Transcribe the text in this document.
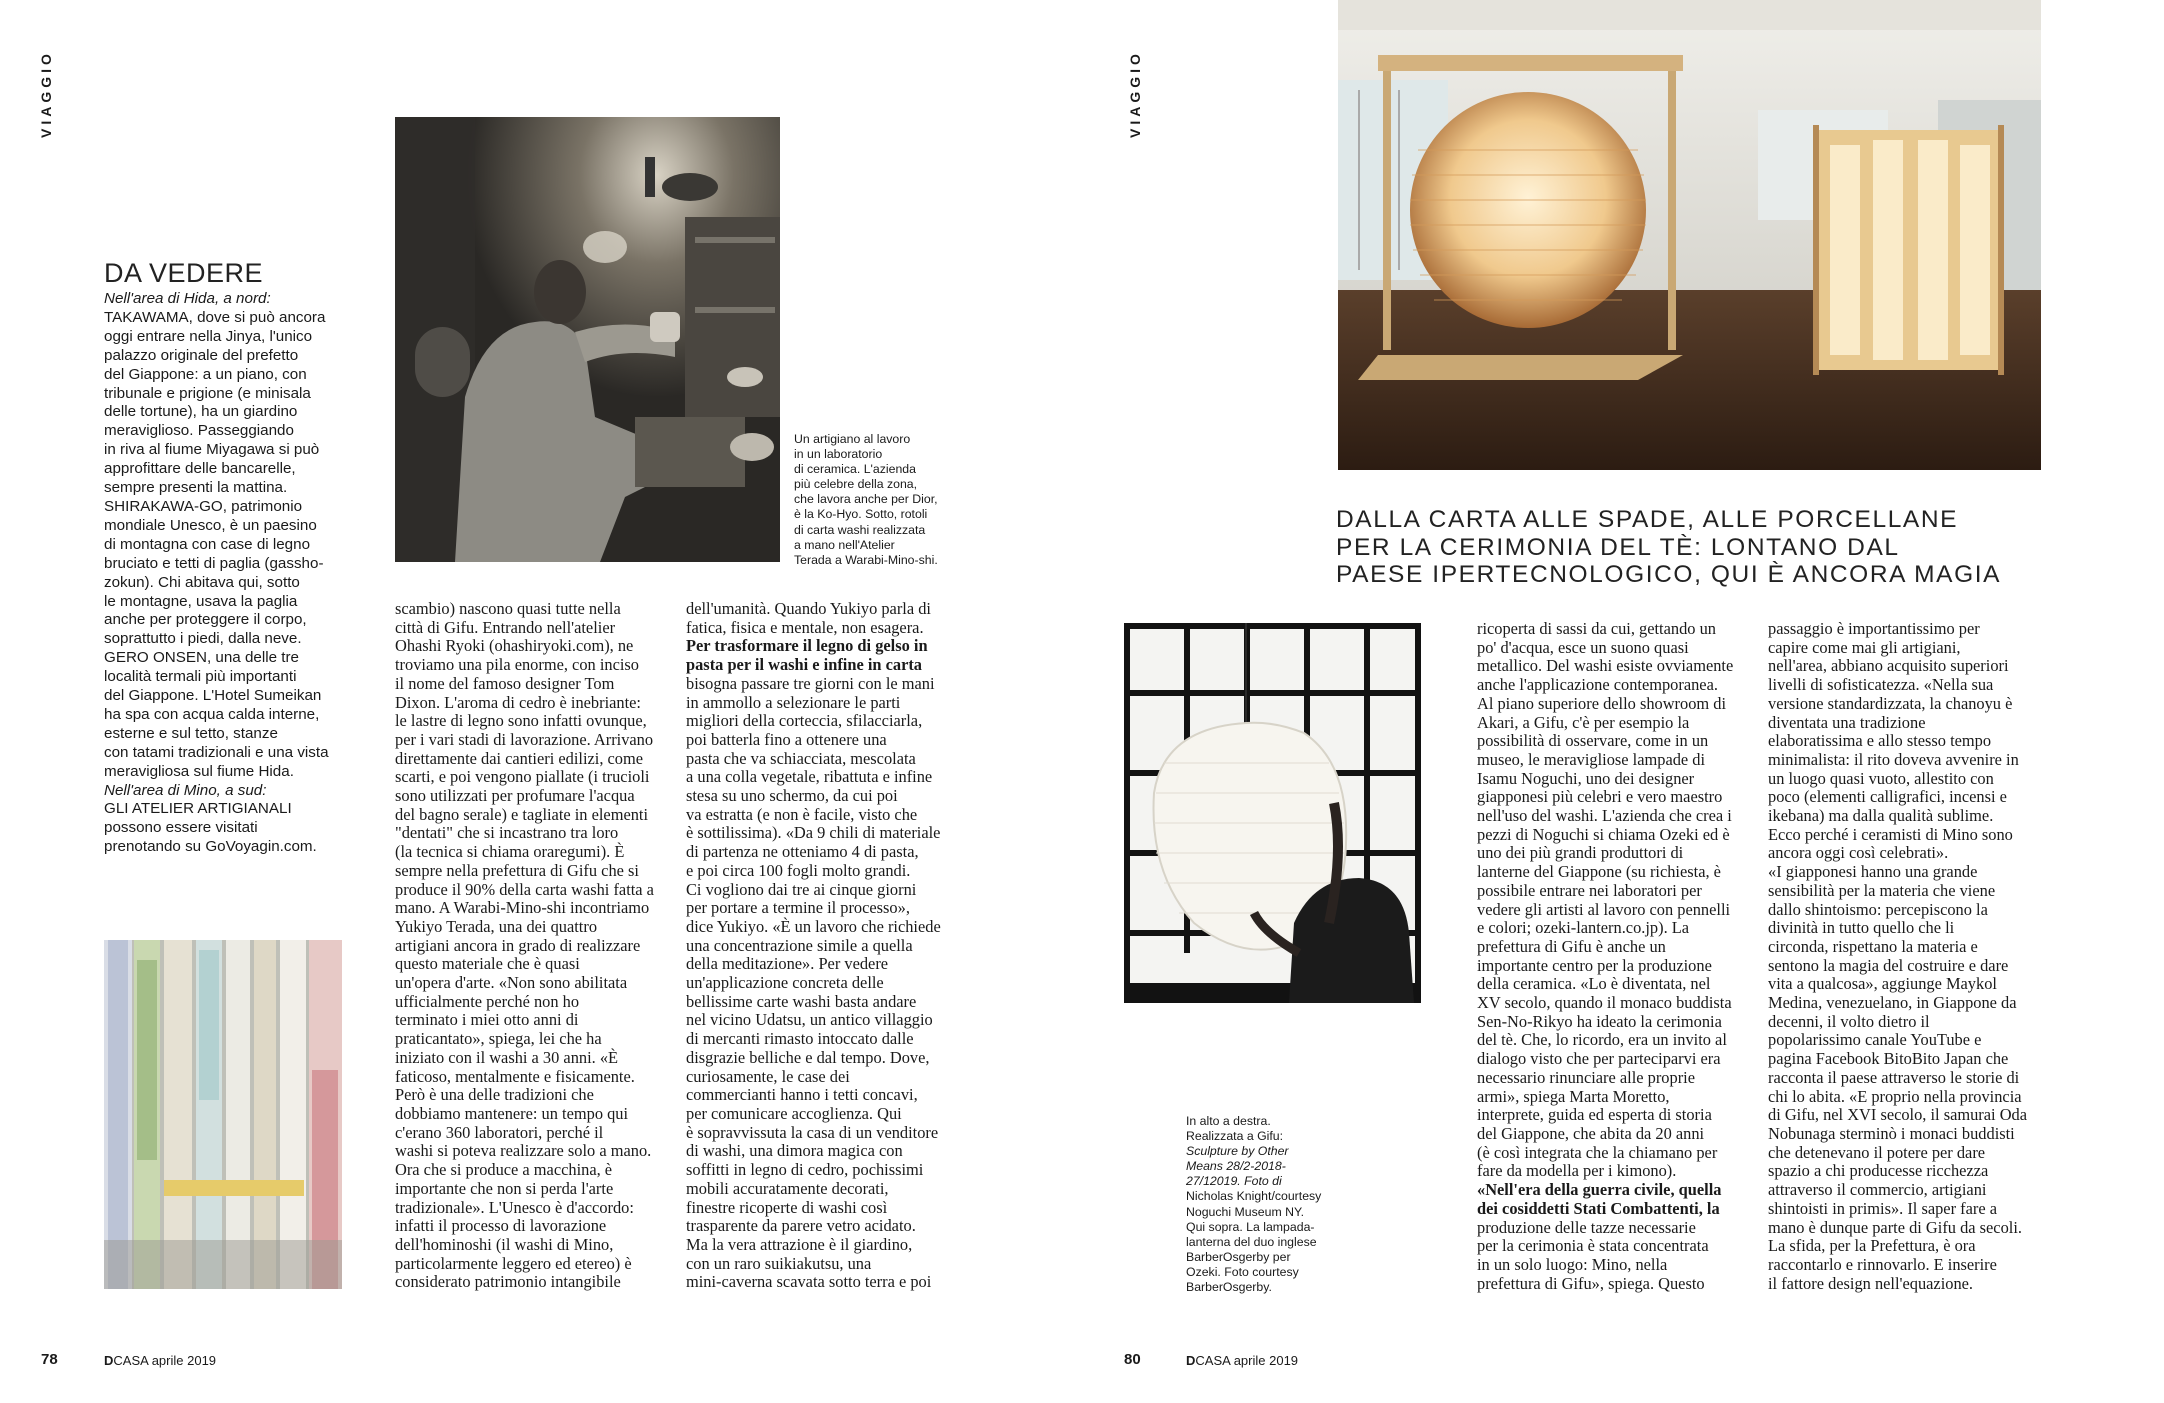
VIAGGIO
DA VEDERE
Nell'area di Hida, a nord:
TAKAWAMA, dove si può ancora
oggi entrare nella Jinya, l'unico
palazzo originale del prefetto
del Giappone: a un piano, con
tribunale e prigione (e minisala
delle tortune), ha un giardino
meraviglioso. Passeggiando
in riva al fiume Miyagawa si può
approfittare delle bancarelle,
sempre presenti la mattina.
SHIRAKAWA-GO, patrimonio
mondiale Unesco, è un paesino
di montagna con case di legno
bruciato e tetti di paglia (gassho-
zokun). Chi abitava qui, sotto
le montagne, usava la paglia
anche per proteggere il corpo,
soprattutto i piedi, dalla neve.
GERO ONSEN, una delle tre
località termali più importanti
del Giappone. L'Hotel Sumeikan
ha spa con acqua calda interne,
esterne e sul tetto, stanze
con tatami tradizionali e una vista
meravigliosa sul fiume Hida.
Nell'area di Mino, a sud:
GLI ATELIER ARTIGIANALI
possono essere visitati
prenotando su GoVoyagin.com.
Un artigiano al lavoro
in un laboratorio
di ceramica. L'azienda
più celebre della zona,
che lavora anche per Dior,
è la Ko-Hyo. Sotto, rotoli
di carta washi realizzata
a mano nell'Atelier
Terada a Warabi-Mino-shi.
scambio) nascono quasi tutte nella
città di Gifu. Entrando nell'atelier
Ohashi Ryoki (ohashiryoki.com), ne
troviamo una pila enorme, con inciso
il nome del famoso designer Tom
Dixon. L'aroma di cedro è inebriante:
le lastre di legno sono infatti ovunque,
per i vari stadi di lavorazione. Arrivano
direttamente dai cantieri edilizi, come
scarti, e poi vengono piallate (i trucioli
sono utilizzati per profumare l'acqua
del bagno serale) e tagliate in elementi
"dentati" che si incastrano tra loro
(la tecnica si chiama oraregumi). È
sempre nella prefettura di Gifu che si
produce il 90% della carta washi fatta a
mano. A Warabi-Mino-shi incontriamo
Yukiyo Terada, una dei quattro
artigiani ancora in grado di realizzare
questo materiale che è quasi
un'opera d'arte. «Non sono abilitata
ufficialmente perché non ho
terminato i miei otto anni di
praticantato», spiega, lei che ha
iniziato con il washi a 30 anni. «È
faticoso, mentalmente e fisicamente.
Però è una delle tradizioni che
dobbiamo mantenere: un tempo qui
c'erano 360 laboratori, perché il
washi si poteva realizzare solo a mano.
Ora che si produce a macchina, è
importante che non si perda l'arte
tradizionale». L'Unesco è d'accordo:
infatti il processo di lavorazione
dell'hominoshi (il washi di Mino,
particolarmente leggero ed etereo) è
considerato patrimonio intangibile
dell'umanità. Quando Yukiyo parla di
fatica, fisica e mentale, non esagera.
Per trasformare il legno di gelso in
pasta per il washi e infine in carta
bisogna passare tre giorni con le mani
in ammollo a selezionare le parti
migliori della corteccia, sfilacciarla,
poi batterla fino a ottenere una
pasta che va schiacciata, mescolata
a una colla vegetale, ribattuta e infine
stesa su uno schermo, da cui poi
va estratta (e non è facile, visto che
è sottilissima). «Da 9 chili di materiale
di partenza ne otteniamo 4 di pasta,
e poi circa 100 fogli molto grandi.
Ci vogliono dai tre ai cinque giorni
per portare a termine il processo»,
dice Yukiyo. «È un lavoro che richiede
una concentrazione simile a quella
della meditazione». Per vedere
un'applicazione concreta delle
bellissime carte washi basta andare
nel vicino Udatsu, un antico villaggio
di mercanti rimasto intoccato dalle
disgrazie belliche e dal tempo. Dove,
curiosamente, le case dei
commercianti hanno i tetti concavi,
per comunicare accoglienza. Qui
è sopravvissuta la casa di un venditore
di washi, una dimora magica con
soffitti in legno di cedro, pochissimi
mobili accuratamente decorati,
finestre ricoperte di washi così
trasparente da parere vetro acidato.
Ma la vera attrazione è il giardino,
con un raro suikiakutsu, una
mini-caverna scavata sotto terra e poi
78	DCASA aprile 2019
VIAGGIO
DALLA CARTA ALLE SPADE, ALLE PORCELLANE
PER LA CERIMONIA DEL TÈ: LONTANO DAL
PAESE IPERTECNOLOGICO, QUI È ANCORA MAGIA
In alto a destra.
Realizzata a Gifu:
Sculpture by Other
Means 28/2-2018-
27/12019. Foto di
Nicholas Knight/courtesy
Noguchi Museum NY.
Qui sopra. La lampada-
lanterna del duo inglese
BarberOsgerby per
Ozeki. Foto courtesy
BarberOsgerby.
ricoperta di sassi da cui, gettando un
po' d'acqua, esce un suono quasi
metallico. Del washi esiste ovviamente
anche l'applicazione contemporanea.
Al piano superiore dello showroom di
Akari, a Gifu, c'è per esempio la
possibilità di osservare, come in un
museo, le meravigliose lampade di
Isamu Noguchi, uno dei designer
giapponesi più celebri e vero maestro
nell'uso del washi. L'azienda che crea i
pezzi di Noguchi si chiama Ozeki ed è
uno dei più grandi produttori di
lanterne del Giappone (su richiesta, è
possibile entrare nei laboratori per
vedere gli artisti al lavoro con pennelli
e colori; ozeki-lantern.co.jp). La
prefettura di Gifu è anche un
importante centro per la produzione
della ceramica. «Lo è diventata, nel
XV secolo, quando il monaco buddista
Sen-No-Rikyo ha ideato la cerimonia
del tè. Che, lo ricordo, era un invito al
dialogo visto che per parteciparvi era
necessario rinunciare alle proprie
armi», spiega Marta Moretto,
interprete, guida ed esperta di storia
del Giappone, che abita da 20 anni
(è così integrata che la chiamano per
fare da modella per i kimono).
«Nell'era della guerra civile, quella
dei cosiddetti Stati Combattenti, la
produzione delle tazze necessarie
per la cerimonia è stata concentrata
in un solo luogo: Mino, nella
prefettura di Gifu», spiega. Questo
passaggio è importantissimo per
capire come mai gli artigiani,
nell'area, abbiano acquisito superiori
livelli di sofisticatezza. «Nella sua
versione standardizzata, la chanoyu è
diventata una tradizione
elaboratissima e allo stesso tempo
minimalista: il rito doveva avvenire in
un luogo quasi vuoto, allestito con
poco (elementi calligrafici, incensi e
ikebana) ma dalla qualità sublime.
Ecco perché i ceramisti di Mino sono
ancora oggi così celebrati».
«I giapponesi hanno una grande
sensibilità per la materia che viene
dallo shintoismo: percepiscono la
divinità in tutto quello che li
circonda, rispettano la materia e
sentono la magia del costruire e dare
vita a qualcosa», aggiunge Maykol
Medina, venezuelano, in Giappone da
decenni, il volto dietro il
popolarissimo canale YouTube e
pagina Facebook BitoBito Japan che
racconta il paese attraverso le storie di
chi lo abita. «E proprio nella provincia
di Gifu, nel XVI secolo, il samurai Oda
Nobunaga sterminò i monaci buddisti
che detenevano il potere per dare
spazio a chi producesse ricchezza
attraverso il commercio, artigiani
shintoisti in primis». Il saper fare a
mano è dunque parte di Gifu da secoli.
La sfida, per la Prefettura, è ora
raccontarlo e rinnovarlo. E inserire
il fattore design nell'equazione.
80	DCASA aprile 2019
